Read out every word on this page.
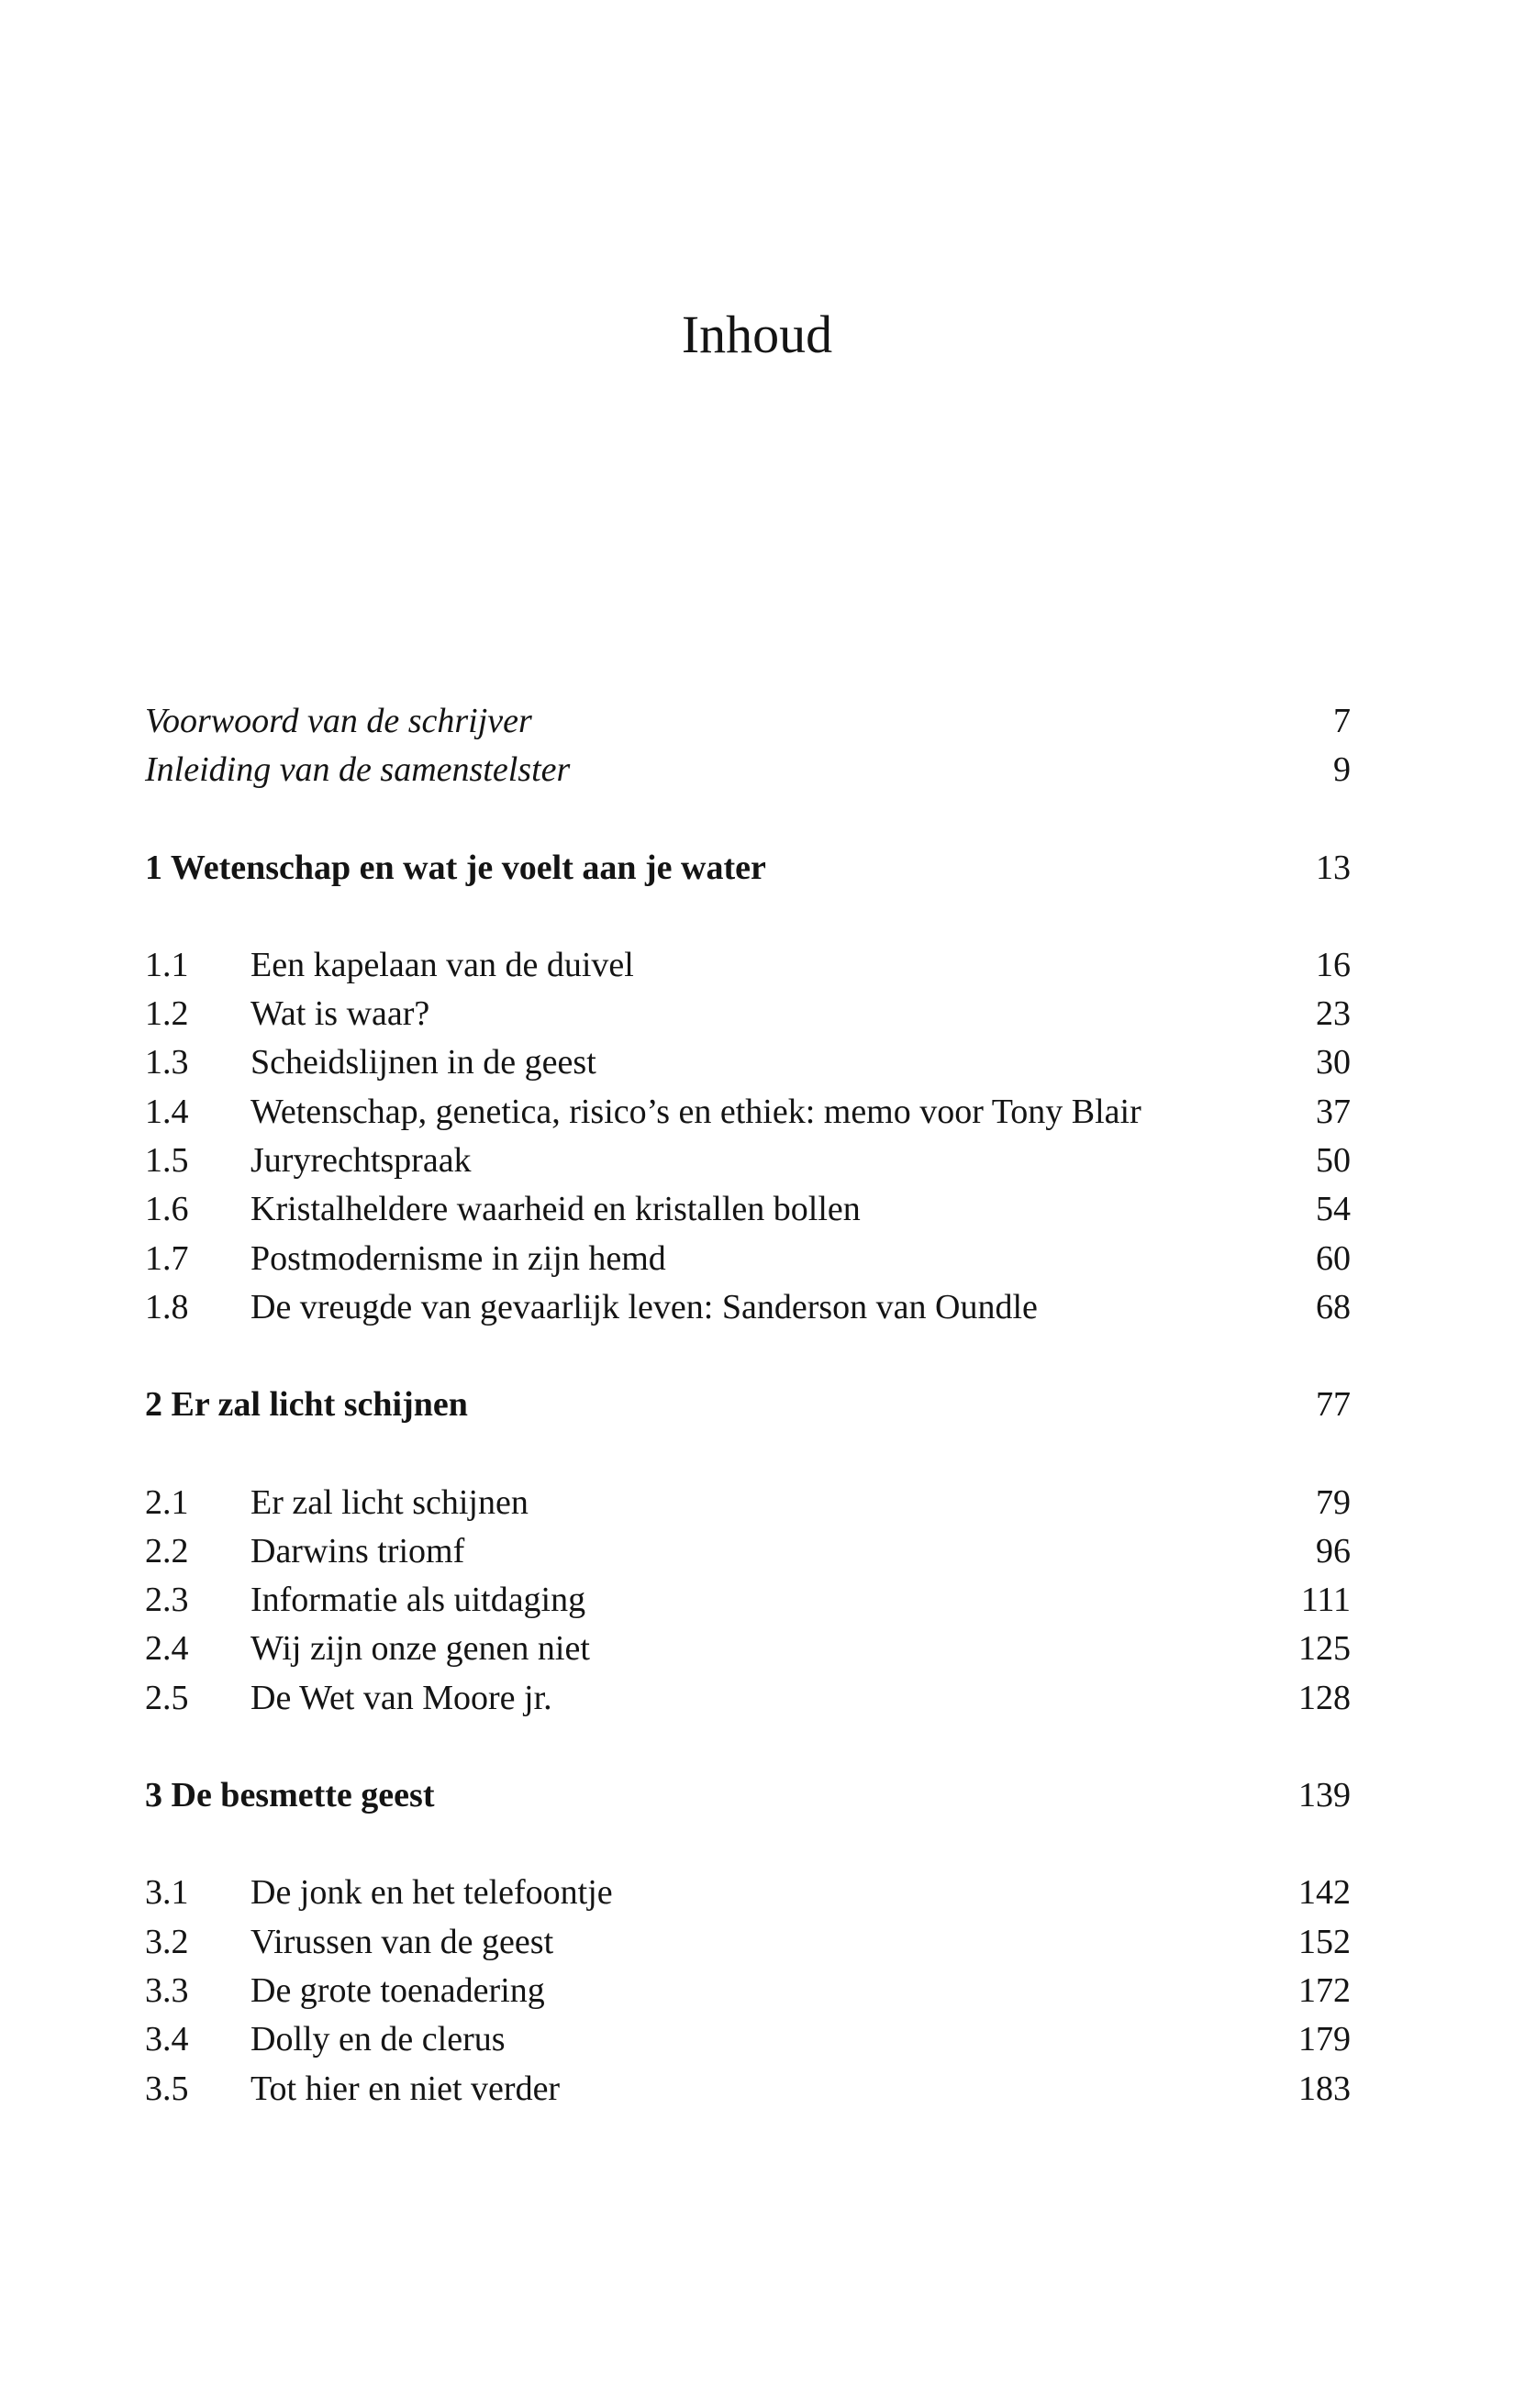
Inhoud
Voorwoord van de schrijver	7
Inleiding van de samenstelster	9
1 Wetenschap en wat je voelt aan je water	13
1.1 Een kapelaan van de duivel	16
1.2 Wat is waar?	23
1.3 Scheidslijnen in de geest	30
1.4 Wetenschap, genetica, risico’s en ethiek: memo voor Tony Blair	37
1.5 Juryrechtspraak	50
1.6 Kristalheldere waarheid en kristallen bollen	54
1.7 Postmodernisme in zijn hemd	60
1.8 De vreugde van gevaarlijk leven: Sanderson van Oundle	68
2 Er zal licht schijnen	77
2.1 Er zal licht schijnen	79
2.2 Darwins triomf	96
2.3 Informatie als uitdaging	111
2.4 Wij zijn onze genen niet	125
2.5 De Wet van Moore jr.	128
3 De besmette geest	139
3.1 De jonk en het telefoontje	142
3.2 Virussen van de geest	152
3.3 De grote toenadering	172
3.4 Dolly en de clerus	179
3.5 Tot hier en niet verder	183
